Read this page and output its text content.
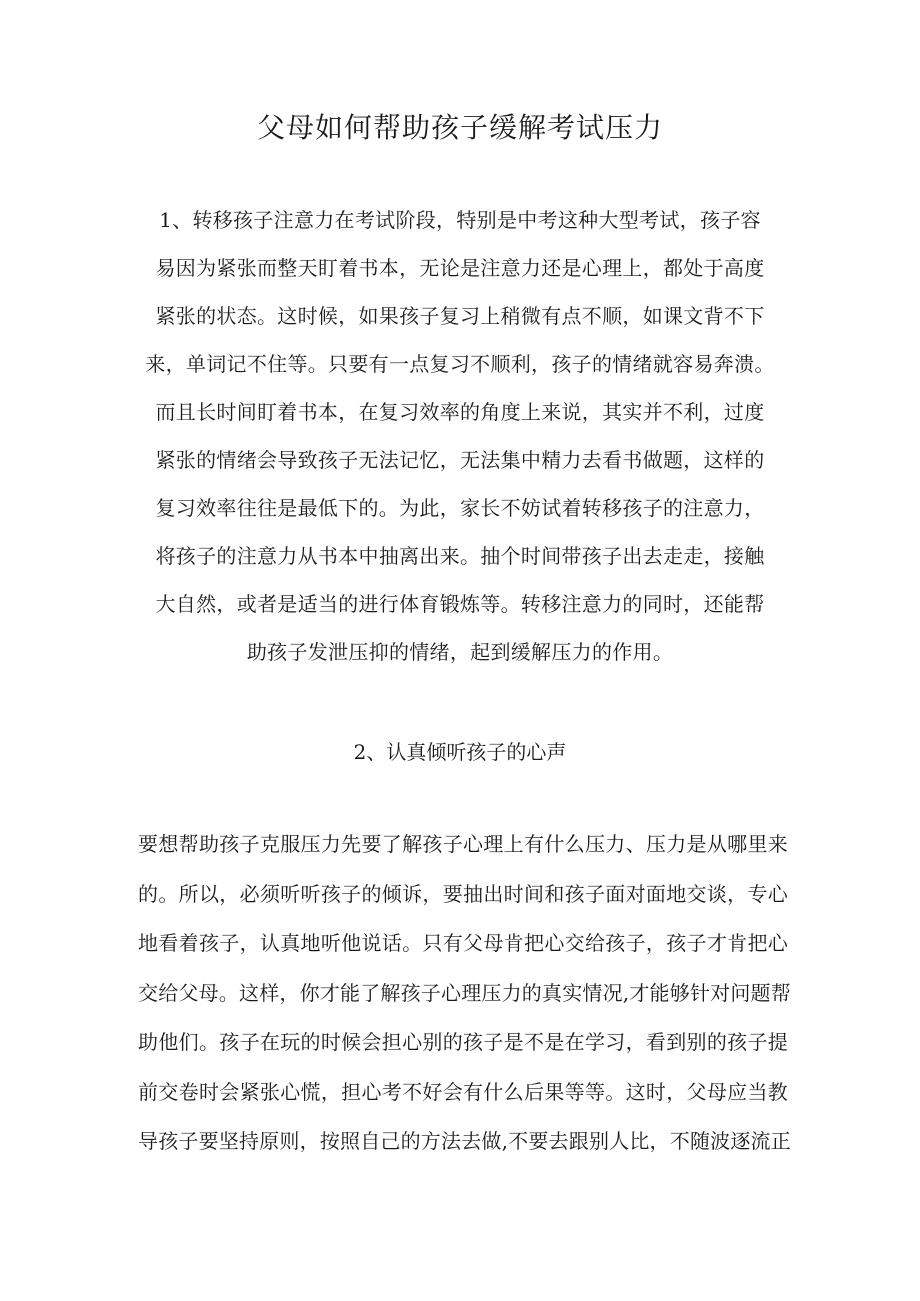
父母如何帮助孩子缓解考试压力
1、转移孩子注意力在考试阶段，特别是中考这种大型考试，孩子容
易因为紧张而整天盯着书本，无论是注意力还是心理上，都处于高度
紧张的状态。这时候，如果孩子复习上稍微有点不顺，如课文背不下
来，单词记不住等。只要有一点复习不顺利，孩子的情绪就容易奔溃。
而且长时间盯着书本，在复习效率的角度上来说，其实并不利，过度
紧张的情绪会导致孩子无法记忆，无法集中精力去看书做题，这样的
复习效率往往是最低下的。为此，家长不妨试着转移孩子的注意力，
将孩子的注意力从书本中抽离出来。抽个时间带孩子出去走走，接触
大自然，或者是适当的进行体育锻炼等。转移注意力的同时，还能帮
助孩子发泄压抑的情绪，起到缓解压力的作用。
2、认真倾听孩子的心声
要想帮助孩子克服压力先要了解孩子心理上有什么压力、压力是从哪里来
的。所以，必须听听孩子的倾诉，要抽出时间和孩子面对面地交谈，专心
地看着孩子，认真地听他说话。只有父母肯把心交给孩子，孩子才肯把心
交给父母。这样，你才能了解孩子心理压力的真实情况,才能够针对问题帮
助他们。孩子在玩的时候会担心别的孩子是不是在学习，看到别的孩子提
前交卷时会紧张心慌，担心考不好会有什么后果等等。这时，父母应当教
导孩子要坚持原则，按照自己的方法去做,不要去跟别人比，不随波逐流正
